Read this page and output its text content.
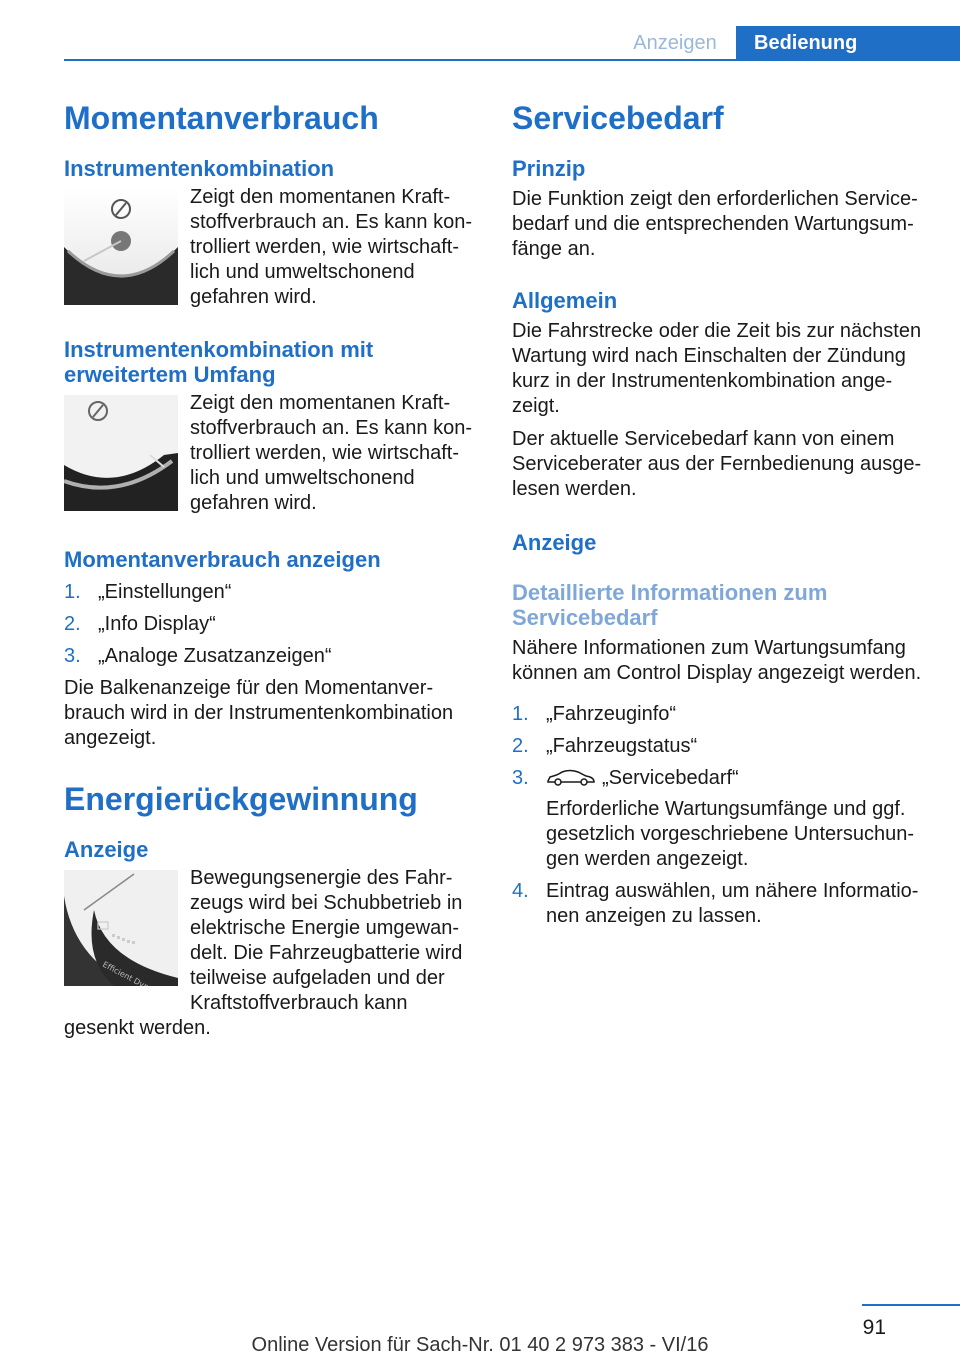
Anzeigen	Bedienung
Momentanverbrauch
Instrumentenkombination

Zeigt den momentanen Kraftstoffverbrauch an. Es kann kontrolliert werden, wie wirtschaftlich und umweltschonend gefahren wird.

Instrumentenkombination mit erweitertem Umfang

Zeigt den momentanen Kraftstoffverbrauch an. Es kann kontrolliert werden, wie wirtschaftlich und umweltschonend gefahren wird.

Momentanverbrauch anzeigen
1. „Einstellungen“
2. „Info Display“
3. „Analoge Zusatzanzeigen“

Die Balkenanzeige für den Momentanverbrauch wird in der Instrumentenkombination angezeigt.

Energierückgewinnung
Anzeige

Bewegungsenergie des Fahrzeugs wird bei Schubbetrieb in elektrische Energie umgewandelt. Die Fahrzeugbatterie wird teilweise aufgeladen und der Kraftstoffverbrauch kann gesenkt werden.

Servicebedarf
Prinzip

Die Funktion zeigt den erforderlichen Servicebedarf und die entsprechenden Wartungsumfänge an.

Allgemein

Die Fahrstrecke oder die Zeit bis zur nächsten Wartung wird nach Einschalten der Zündung kurz in der Instrumentenkombination angezeigt.

Der aktuelle Servicebedarf kann von einem Serviceberater aus der Fernbedienung ausgelesen werden.

Anzeige
Detaillierte Informationen zum Servicebedarf

Nähere Informationen zum Wartungsumfang können am Control Display angezeigt werden.

1. „Fahrzeuginfo“
2. „Fahrzeugstatus“
3.	„Servicebedarf“
Erforderliche Wartungsumfänge und ggf. gesetzlich vorgeschriebene Untersuchungen werden angezeigt.
4. Eintrag auswählen, um nähere Informationen anzeigen zu lassen.
91
Online Version für Sach-Nr. 01 40 2 973 383 - VI/16
